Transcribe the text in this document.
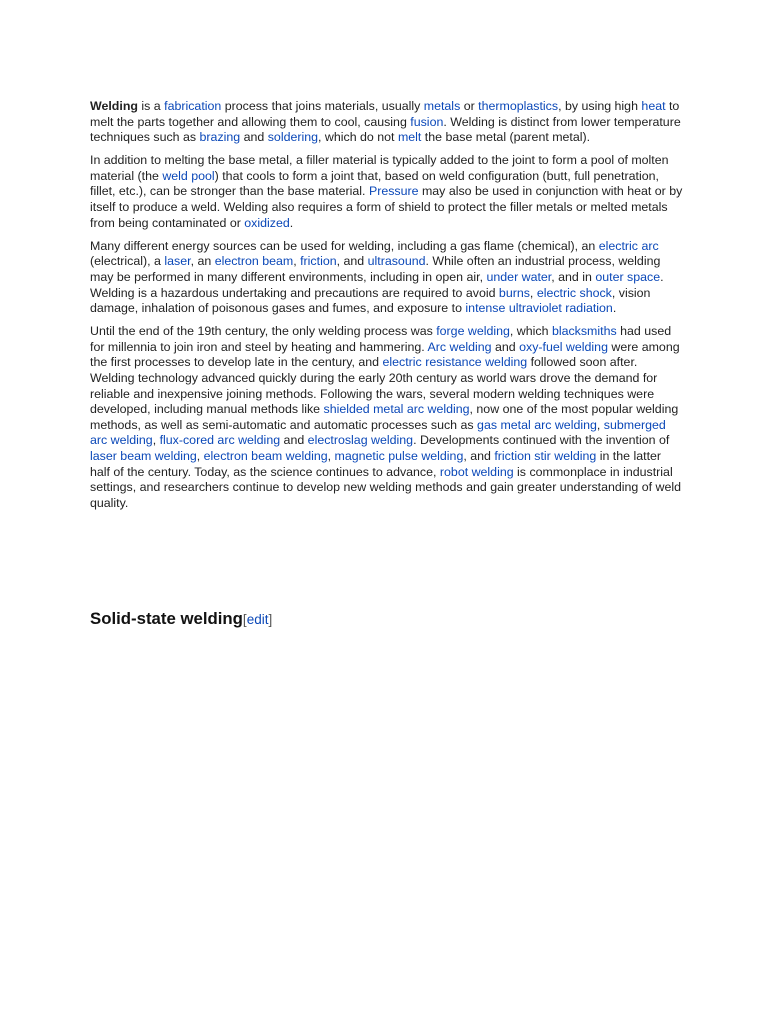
Welding is a fabrication process that joins materials, usually metals or thermoplastics, by using high heat to melt the parts together and allowing them to cool, causing fusion. Welding is distinct from lower temperature techniques such as brazing and soldering, which do not melt the base metal (parent metal).

In addition to melting the base metal, a filler material is typically added to the joint to form a pool of molten material (the weld pool) that cools to form a joint that, based on weld configuration (butt, full penetration, fillet, etc.), can be stronger than the base material. Pressure may also be used in conjunction with heat or by itself to produce a weld. Welding also requires a form of shield to protect the filler metals or melted metals from being contaminated or oxidized.

Many different energy sources can be used for welding, including a gas flame (chemical), an electric arc (electrical), a laser, an electron beam, friction, and ultrasound. While often an industrial process, welding may be performed in many different environments, including in open air, under water, and in outer space. Welding is a hazardous undertaking and precautions are required to avoid burns, electric shock, vision damage, inhalation of poisonous gases and fumes, and exposure to intense ultraviolet radiation.

Until the end of the 19th century, the only welding process was forge welding, which blacksmiths had used for millennia to join iron and steel by heating and hammering. Arc welding and oxy-fuel welding were among the first processes to develop late in the century, and electric resistance welding followed soon after. Welding technology advanced quickly during the early 20th century as world wars drove the demand for reliable and inexpensive joining methods. Following the wars, several modern welding techniques were developed, including manual methods like shielded metal arc welding, now one of the most popular welding methods, as well as semi-automatic and automatic processes such as gas metal arc welding, submerged arc welding, flux-cored arc welding and electroslag welding. Developments continued with the invention of laser beam welding, electron beam welding, magnetic pulse welding, and friction stir welding in the latter half of the century. Today, as the science continues to advance, robot welding is commonplace in industrial settings, and researchers continue to develop new welding methods and gain greater understanding of weld quality.

Solid-state welding[edit]
